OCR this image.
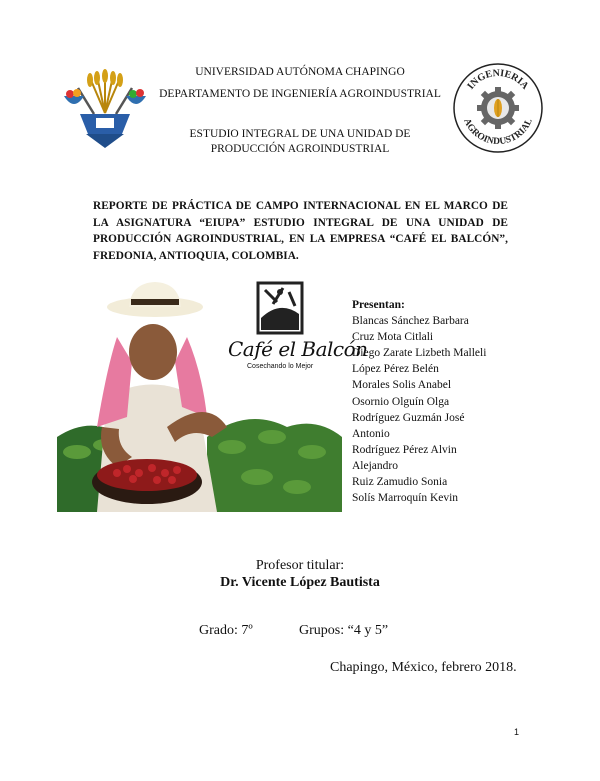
UNIVERSIDAD AUTÓNOMA CHAPINGO
DEPARTAMENTO DE INGENIERÍA AGROINDUSTRIAL
ESTUDIO INTEGRAL DE UNA UNIDAD DE
PRODUCCIÓN AGROINDUSTRIAL
INGENIERIA
AGROINDUSTRIAL
REPORTE DE PRÁCTICA DE CAMPO INTERNACIONAL EN EL MARCO DE LA ASIGNATURA “EIUPA” ESTUDIO INTEGRAL DE UNA UNIDAD DE PRODUCCIÓN AGROINDUSTRIAL, EN LA EMPRESA “CAFÉ EL BALCÓN”, FREDONIA, ANTIOQUIA, COLOMBIA.
Café el Balcón
Cosechando lo Mejor
Presentan:
Blancas Sánchez Barbara
Cruz Mota Citlali
Diego Zarate Lizbeth Malleli
López Pérez Belén
Morales Solis Anabel
Osornio Olguín Olga
Rodríguez Guzmán José
Antonio
Rodríguez Pérez Alvin
Alejandro
Ruiz Zamudio Sonia
Solís Marroquín Kevin
Profesor titular:
Dr. Vicente López Bautista
Grado: 7º	Grupos: “4 y 5”
Chapingo, México, febrero 2018.
1
